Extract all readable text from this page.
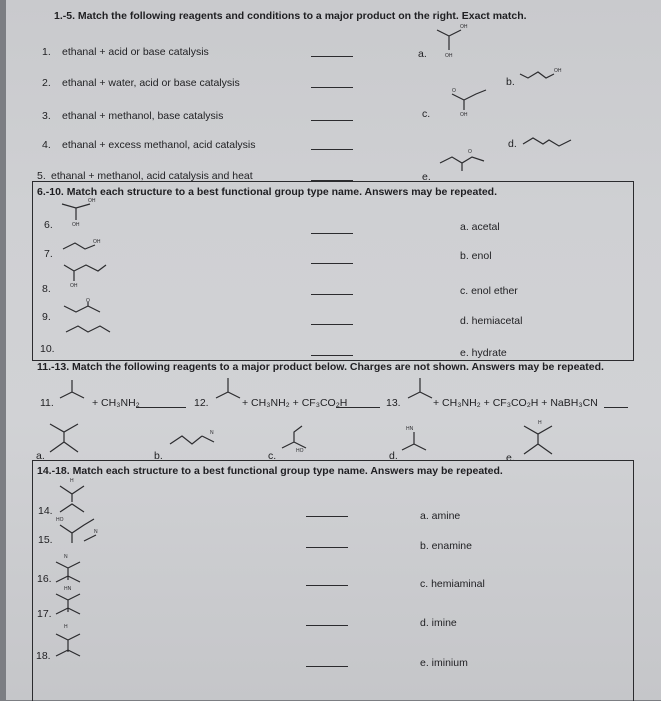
1.-5. Match the following reagents and conditions to a major product on the right. Exact match.
1. ethanal + acid or base catalysis
2. ethanal + water, acid or base catalysis
3. ethanal + methanol, base catalysis
4. ethanal + excess methanol, acid catalysis
5. ethanal + methanol, acid catalysis and heat
a.
b.
c.
d.
e.
OH
OH
OH
O
OH
O
6.-10. Match each structure to a best functional group type name. Answers may be repeated.
6.
7.
8.
9.
10.
a. acetal
b. enol
c. enol ether
d. hemiacetal
e. hydrate
OH
OH
OH
OH
O
11.-13. Match the following reagents to a major product below. Charges are not shown. Answers may be repeated.
11.	+ CH₃NH₂	12.	+ CH₃NH₂ + CF₃CO₂H	13.	+ CH₃NH₂ + CF₃CO₂H + NaBH₃CN
a.	b.	c.	d.	e.
N
HO
HN
H
14.-18. Match each structure to a best functional group type name. Answers may be repeated.
14.
15.
16.
17.
18.
a. amine
b. enamine
c. hemiaminal
d. imine
e. iminium
H
HO
N
N
HN
H
